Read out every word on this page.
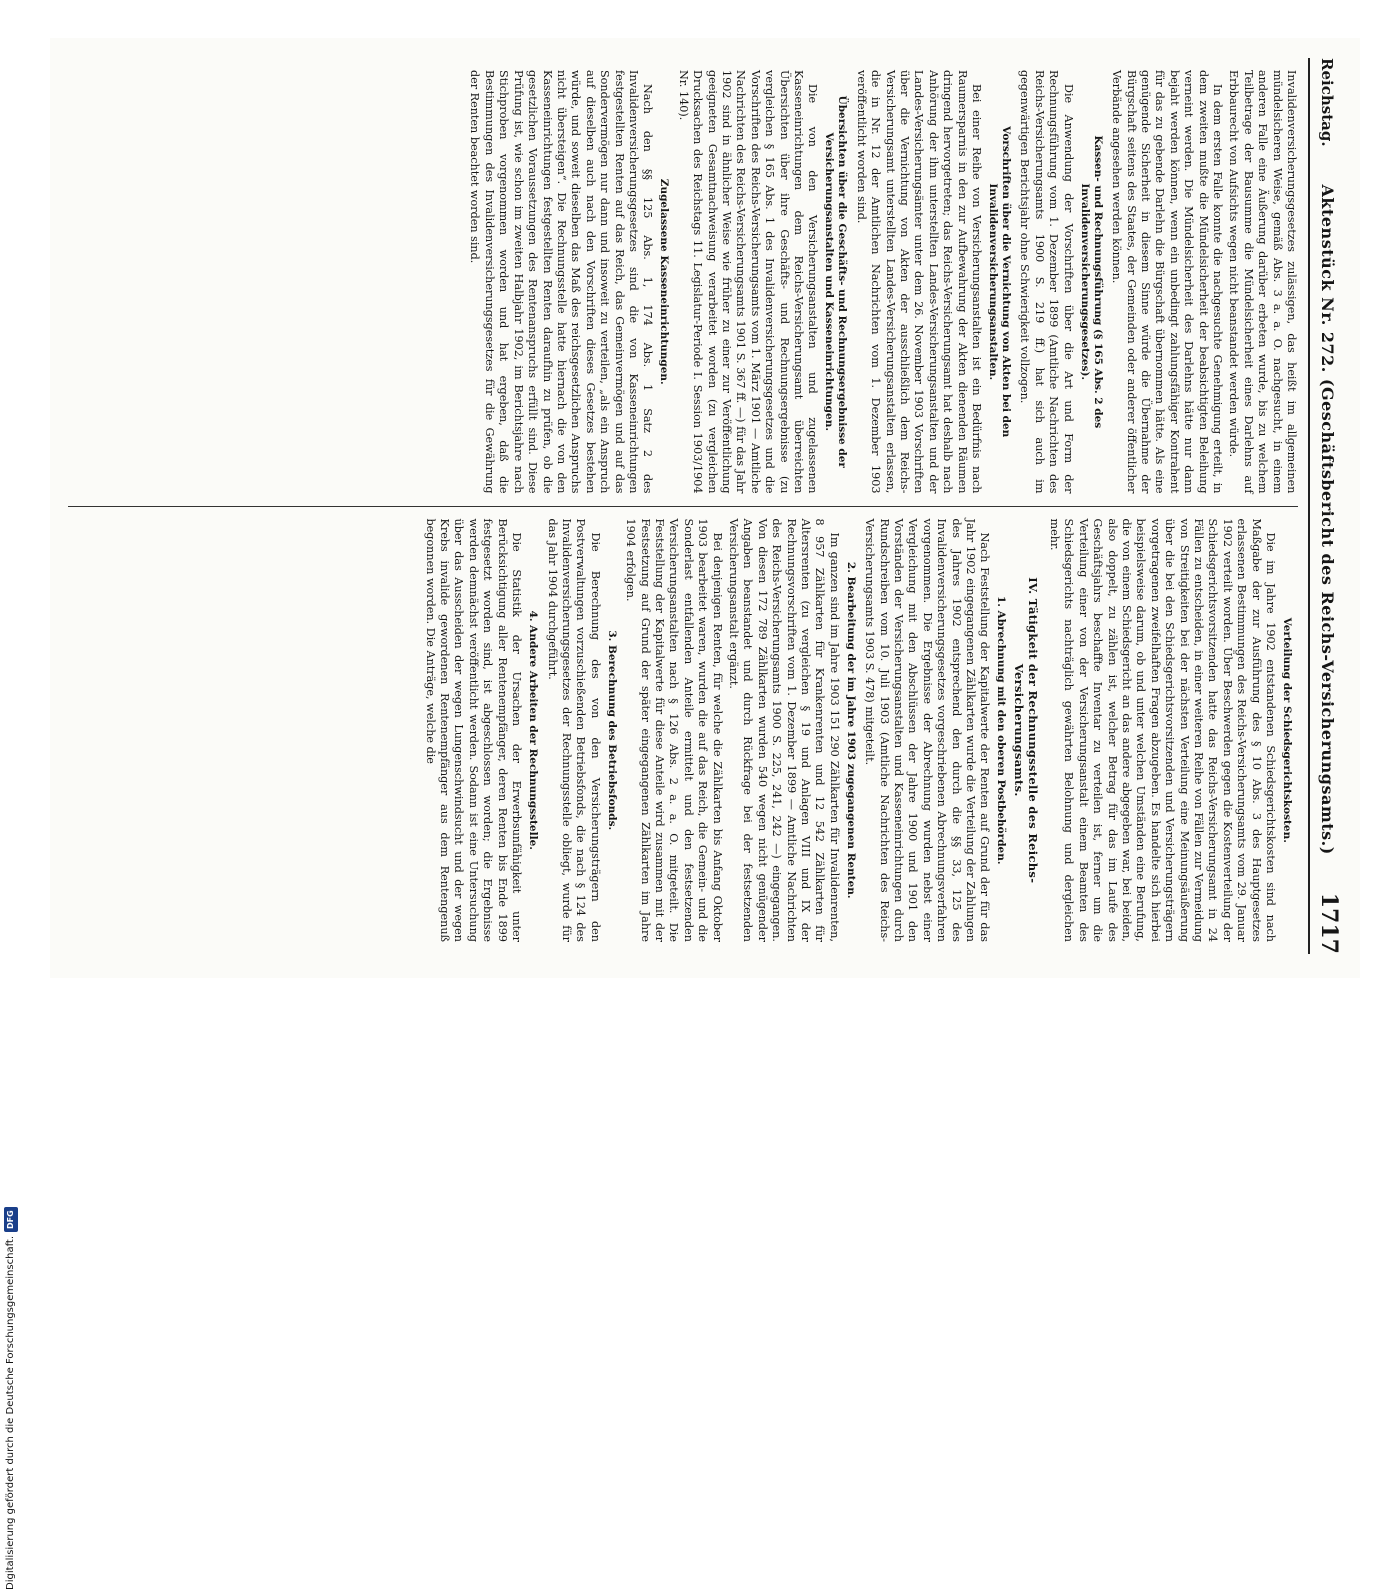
Reichstag.
Aktenstück Nr. 272. (Geschäftsbericht des Reichs-Versicherungsamts.)
1717

Invalidenversicherungsgesetzes zulässigen, das heißt im allgemeinen mündelsicheren Weise, gemäß Abs. 3 a. a. O. nachgesucht, in einem anderen Falle eine Äußerung darüber erbeten wurde, bis zu welchem Teilbetrage der Bausumme die Mündelsicherheit eines Darlehns auf Erbbaurecht von Aufsichts wegen nicht beanstandet werden würde.

In dem ersten Falle konnte die nachgesuchte Genehmigung erteilt, in dem zweiten mußte die Mündelsicherheit der beabsichtigten Beleihung verneint werden. Die Mündelsicherheit des Darlehns hätte nur dann bejaht werden können, wenn ein unbedingt zahlungsfähiger Kontrahent für das zu gebende Darlehn die Bürgschaft übernommen hätte. Als eine genügende Sicherheit in diesem Sinne würde die Übernahme der Bürgschaft seitens des Staates, der Gemeinden oder anderer öffentlicher Verbände angesehen werden können.

Kassen- und Rechnungsführung (§ 165 Abs. 2 des Invalidenversicherungsgesetzes).

Die Anwendung der Vorschriften über die Art und Form der Rechnungsführung vom 1. Dezember 1899 (Amtliche Nachrichten des Reichs-Versicherungsamts 1900 S. 219 ff.) hat sich auch im gegenwärtigen Berichtsjahr ohne Schwierigkeit vollzogen.

Vorschriften über die Vernichtung von Akten bei den Invalidenversicherungsanstalten.

Bei einer Reihe von Versicherungsanstalten ist ein Bedürfnis nach Raumersparnis in den zur Aufbewahrung der Akten dienenden Räumen dringend hervorgetreten; das Reichs-Versicherungsamt hat deshalb nach Anhörung der ihm unterstellten Landes-Versicherungsanstalten und der Landes-Versicherungsämter unter dem 26. November 1903 Vorschriften über die Vernichtung von Akten der ausschließlich dem Reichs-Versicherungsamt unterstellten Landes-Versicherungsanstalten erlassen, die in Nr. 12 der Amtlichen Nachrichten vom 1. Dezember 1903 veröffentlicht worden sind.

Übersichten über die Geschäfts- und Rechnungsergebnisse der Versicherungsanstalten und Kasseneinrichtungen.

Die von den Versicherungsanstalten und zugelassenen Kasseneinrichtungen dem Reichs-Versicherungsamt überreichten Übersichten über ihre Geschäfts- und Rechnungsergebnisse (zu vergleichen § 165 Abs. 1 des Invalidenversicherungsgesetzes und die Vorschriften des Reichs-Versicherungsamts vom 1. März 1901 — Amtliche Nachrichten des Reichs-Versicherungsamts 1901 S. 367 ff. —) für das Jahr 1902 sind in ähnlicher Weise wie früher zu einer zur Veröffentlichung geeigneten Gesamtnachweisung verarbeitet worden (zu vergleichen Drucksachen des Reichstags 11. Legislatur-Periode I. Session 1903/1904 Nr. 140).

Zugelassene Kasseneinrichtungen.

Nach den §§ 125 Abs. 1, 174 Abs. 1 Satz 2 des Invalidenversicherungsgesetzes sind die von Kasseneinrichtungen festgestellten Renten auf das Reich, das Gemeinvermögen und auf das Sondervermögen nur dann und insoweit zu verteilen, „als ein Anspruch auf dieselben auch nach den Vorschriften dieses Gesetzes bestehen würde, und soweit dieselben das Maß des reichsgesetzlichen Anspruchs nicht übersteigen“. Die Rechnungsstelle hatte hiernach die von den Kasseneinrichtungen festgestellten Renten daraufhin zu prüfen, ob die gesetzlichen Voraussetzungen des Rentenanspruchs erfüllt sind. Diese Prüfung ist, wie schon im zweiten Halbjahr 1902, im Berichtsjahre nach Stichproben vorgenommen worden und hat ergeben, daß die Bestimmungen des Invalidenversicherungsgesetzes für die Gewährung der Renten beachtet worden sind.

Verteilung der Schiedsgerichtskosten.

Die im Jahre 1902 entstandenen Schiedsgerichtskosten sind nach Maßgabe der zur Ausführung des § 10 Abs. 3 des Hauptgesetzes erlassenen Bestimmungen des Reichs-Versicherungsamts vom 29. Januar 1902 verteilt worden. Über Beschwerden gegen die Kostenverteilung der Schiedsgerichtsvorsitzenden hatte das Reichs-Versicherungsamt in 24 Fällen zu entscheiden, in einer weiteren Reihe von Fällen zur Vermeidung von Streitigkeiten bei der nächsten Verteilung eine Meinungsäußerung über die bei den Schiedsgerichtsvorsitzenden und Versicherungsträgern vorgetragenen zweifelhaften Fragen abzugeben. Es handelte sich hierbei beispielsweise darum, ob und unter welchen Umständen eine Berufung, die von einem Schiedsgericht an das andere abgegeben war, bei beiden, also doppelt, zu zählen ist, welcher Betrag für das im Laufe des Geschäftsjahrs beschaffte Inventar zu verteilen ist, ferner um die Verteilung einer von der Versicherungsanstalt einem Beamten des Schiedsgerichts nachträglich gewährten Belohnung und dergleichen mehr.

IV. Tätigkeit der Rechnungsstelle des Reichs-Versicherungsamts.
1. Abrechnung mit den oberen Postbehörden.

Nach Feststellung der Kapitalwerte der Renten auf Grund der für das Jahr 1902 eingegangenen Zählkarten wurde die Verteilung der Zahlungen des Jahres 1902 entsprechend den durch die §§ 33, 125 des Invalidenversicherungsgesetzes vorgeschriebenen Abrechnungsverfahren vorgenommen. Die Ergebnisse der Abrechnung wurden nebst einer Vergleichung mit den Abschlüssen der Jahre 1900 und 1901 den Vorständen der Versicherungsanstalten und Kasseneinrichtungen durch Rundschreiben vom 10. Juli 1903 (Amtliche Nachrichten des Reichs-Versicherungsamts 1903 S. 478) mitgeteilt.

2. Bearbeitung der im Jahre 1903 zugegangenen Renten.

Im ganzen sind im Jahre 1903 151 290 Zählkarten für Invalidenrenten, 8 957 Zählkarten für Krankenrenten und 12 542 Zählkarten für Altersrenten (zu vergleichen § 19 und Anlagen VIII und IX der Rechnungsvorschriften vom 1. Dezember 1899 — Amtliche Nachrichten des Reichs-Versicherungsamts 1900 S. 225, 241, 242 —) eingegangen. Von diesen 172 789 Zählkarten wurden 540 wegen nicht genügender Angaben beanstandet und durch Rückfrage bei der festsetzenden Versicherungsanstalt ergänzt.

Bei denjenigen Renten, für welche die Zählkarten bis Anfang Oktober 1903 bearbeitet waren, wurden die auf das Reich, die Gemein- und die Sonderlast entfallenden Anteile ermittelt und den festsetzenden Versicherungsanstalten nach § 126 Abs. 2 a. a. O. mitgeteilt. Die Feststellung der Kapitalwerte für diese Anteile wird zusammen mit der Festsetzung auf Grund der später eingegangenen Zählkarten im Jahre 1904 erfolgen.

3. Berechnung des Betriebsfonds.

Die Berechnung des von den Versicherungsträgern den Postverwaltungen vorzuschießenden Betriebsfonds, die nach § 124 des Invalidenversicherungsgesetzes der Rechnungsstelle obliegt, wurde für das Jahr 1904 durchgeführt.

4. Andere Arbeiten der Rechnungsstelle.

Die Statistik der Ursachen der Erwerbsunfähigkeit unter Berücksichtigung aller Rentenempfänger, deren Renten bis Ende 1899 festgesetzt worden sind, ist abgeschlossen worden; die Ergebnisse werden demnächst veröffentlicht werden. Sodann ist eine Untersuchung über das Ausscheiden der wegen Lungenschwindsucht und der wegen Krebs invalide gewordenen Rentenempfänger aus dem Rentengenuß begonnen worden. Die Anträge, welche die

Digitalisierung gefördert durch die Deutsche Forschungsgemeinschaft.
DFG
